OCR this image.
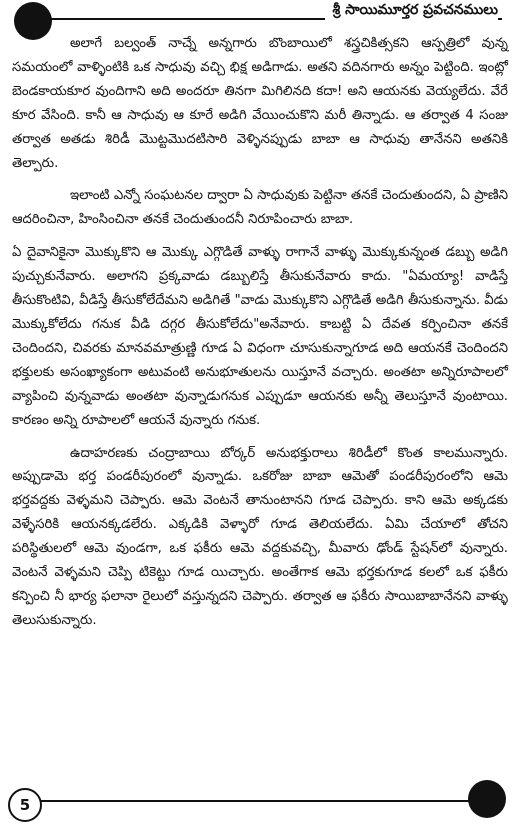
శ్రీ సాయిమూర్తర ప్రవచనములు

అలాగే బల్వంత్ నాచ్నే అన్నగారు బొంబాయిలో శస్త్రచికిత్సకని ఆస్పత్రిలో వున్న సమయంలో వాళ్ళింటికి ఒక సాధువు వచ్చి భిక్ష అడిగాడు. అతని వదినగారు అన్నం పెట్టింది. ఇంట్లో బెండకాయకూర వుందిగాని అది అందరూ తినగా మిగిలినది కదా! అని ఆయనకు వెయ్యలేదు. వేరే కూర వేసింది. కానీ ఆ సాధువు ఆ కూరే అడిగి వేయించుకొని మరీ తిన్నాడు. ఆ తర్వాత 4 సంజు తర్వాత అతడు శిరిడీ మొట్టమొదటిసారి వెళ్ళినప్పుడు బాబా ఆ సాధువు తానేనని అతనికి తెల్పారు.

ఇలాంటి ఎన్నో సంఘటనల ద్వారా ఏ సాధువుకు పెట్టినా తనకే చెందుతుందని, ఏ ప్రాణిని ఆదరించినా, హింసించినా తనకే చెందుతుందనీ నిరూపించారు బాబా.

ఏ దైవానికైనా మొక్కుకొని ఆ మొక్కు ఎగ్గొడితే వాళ్ళు రాగానే వాళ్ళు మొక్కుకున్నంత డబ్బు అడిగి పుచ్చుకునేవారు. అలాగని ప్రక్కవాడు డబ్బులిస్తే తీసుకునేవారు కాదు. "ఏమయ్యా! వాడిస్తే తీసుకొంటివి, వీడిస్తే తీసుకోలేదేమని అడిగితే "వాడు మొక్కుకొని ఎగ్గొడితే అడిగి తీసుకున్నాను. వీడు మొక్కుకోలేదు గనుక వీడి దగ్గర తీసుకోలేదు"అనేవారు. కాబట్టి ఏ దేవత కర్పించినా తనకే చెందిందని, చివరకు మానవమాత్రుణ్ణి గూడ ఏ విధంగా చూసుకున్నాగూడ అది ఆయనకే చెందిందని భక్తులకు అసంఖ్యాకంగా అటువంటి అనుభూతులను యిస్తూనే వచ్చారు. అంతటా అన్నిరూపాలలో వ్యాపించి వున్నవాడు అంతటా వున్నాడుగనుక ఎప్పుడూ ఆయనకు అన్నీ తెలుస్తూనే వుంటాయి. కారణం అన్ని రూపాలలో ఆయనే వున్నారు గనుక.

ఉదాహరణకు చంద్రాబాయి బోర్కర్ అనుభక్తురాలు శిరిడీలో కొంత కాలమున్నారు. అప్పుడామె భర్త పండరీపురంలో వున్నాడు. ఒకరోజు బాబా ఆమెతో పండరీపురంలోని ఆమె భర్తవద్దకు వెళ్ళమని చెప్పారు. ఆమె వెంటనే తానుంటానని గూడ చెప్పారు. కాని ఆమె అక్కడకు వెళ్ళేసరికి ఆయనక్కడలేరు. ఎక్కడికి వెళ్ళారో గూడ తెలియలేదు. ఏమి చేయాలో తోచని పరిస్థితులలో ఆమె వుండగా, ఒక ఫకీరు ఆమె వద్దకువచ్చి, మీవారు ఢోండ్ స్టేషన్‌లో వున్నారు. వెంటనే వెళ్ళమని చెప్పి టికెట్టు గూడ యిచ్చారు. అంతేగాక ఆమె భర్తకుగూడ కలలో ఒక ఫకీరు కన్పించి నీ భార్య ఫలానా రైలులో వస్తున్నదని చెప్పారు. తర్వాత ఆ ఫకీరు సాయిబాబానేనని వాళ్ళు తెలుసుకున్నారు.

5
